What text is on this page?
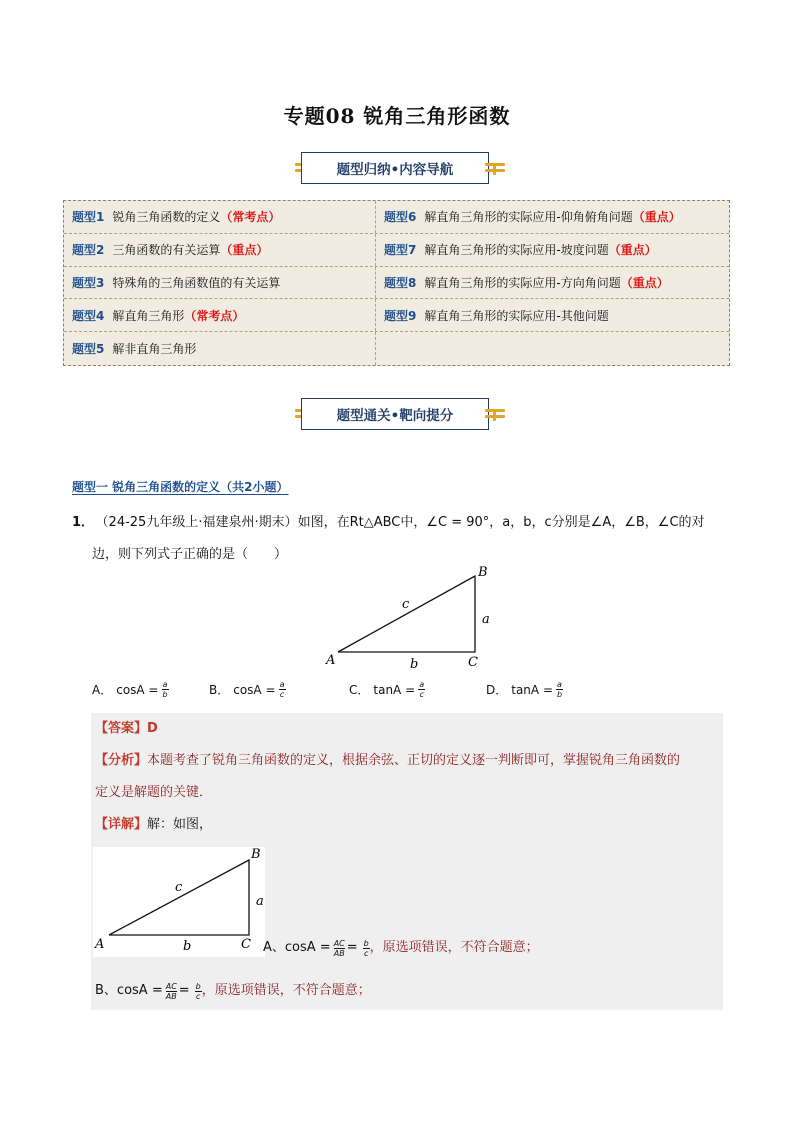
专题08 锐角三角形函数
题型归纳•内容导航
题型1 锐角三角函数的定义 （常考点）	题型6 解直角三角形的实际应用-仰角俯角问题 （重点）
题型2 三角函数的有关运算 （重点）	题型7 解直角三角形的实际应用-坡度问题 （重点）
题型3 特殊角的三角函数值的有关运算	题型8 解直角三角形的实际应用-方向角问题 （重点）
题型4 解直角三角形 （常考点）	题型9 解直角三角形的实际应用-其他问题
题型5 解非直角三角形
题型通关•靶向提分
题型一 锐角三角函数的定义（共2小题）
1． （24-25九年级上·福建泉州·期末）如图，在Rt△ABC中，∠C = 90°，a，b，c分别是∠A，∠B，∠C的对
边，则下列式子正确的是（　　）
A
B
C
a
b
c
A． $\cos A = \frac{a}{b}$	B． $\cos A = \frac{a}{c}$	C． $\tan A = \frac{a}{c}$	D． $\tan A = \frac{a}{b}$
【答案】D
【分析】本题考查了锐角三角函数的定义，根据余弦、正切的定义逐一判断即可，掌握锐角三角函数的
定义是解题的关键．
【详解】解：如图，
A
B
C
a
b
c
A、 $\cos A = \frac{AC}{AB} = \frac{b}{c}$ ，原选项错误，不符合题意；
B、 $\cos A = \frac{AC}{AB} = \frac{b}{c}$ ，原选项错误，不符合题意；
